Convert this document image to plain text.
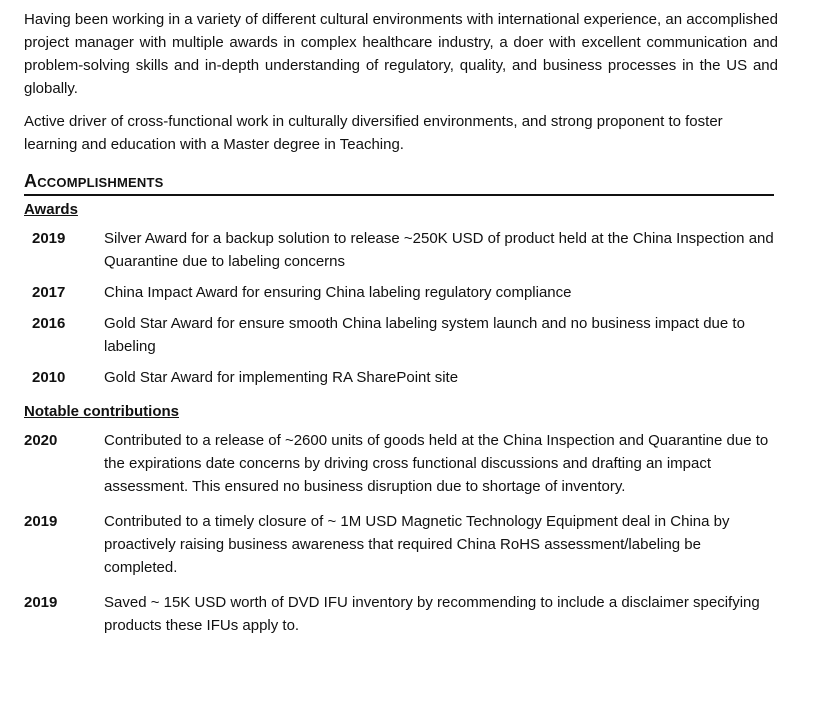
Having been working in a variety of different cultural environments with international experience, an accomplished project manager with multiple awards in complex healthcare industry, a doer with excellent communication and problem-solving skills and in-depth understanding of regulatory, quality, and business processes in the US and globally.

Active driver of cross-functional work in culturally diversified environments, and strong proponent to foster learning and education with a Master degree in Teaching.

Accomplishments
Awards
2019	Silver Award for a backup solution to release ~250K USD of product held at the China Inspection and Quarantine due to labeling concerns
2017	China Impact Award for ensuring China labeling regulatory compliance
2016	Gold Star Award for ensure smooth China labeling system launch and no business impact due to labeling
2010	Gold Star Award for implementing RA SharePoint site
Notable contributions
2020	Contributed to a release of ~2600 units of goods held at the China Inspection and Quarantine due to the expirations date concerns by driving cross functional discussions and drafting an impact assessment. This ensured no business disruption due to shortage of inventory.
2019	Contributed to a timely closure of ~ 1M USD Magnetic Technology Equipment deal in China by proactively raising business awareness that required China RoHS assessment/labeling be completed.
2019	Saved ~ 15K USD worth of DVD IFU inventory by recommending to include a disclaimer specifying products these IFUs apply to.
